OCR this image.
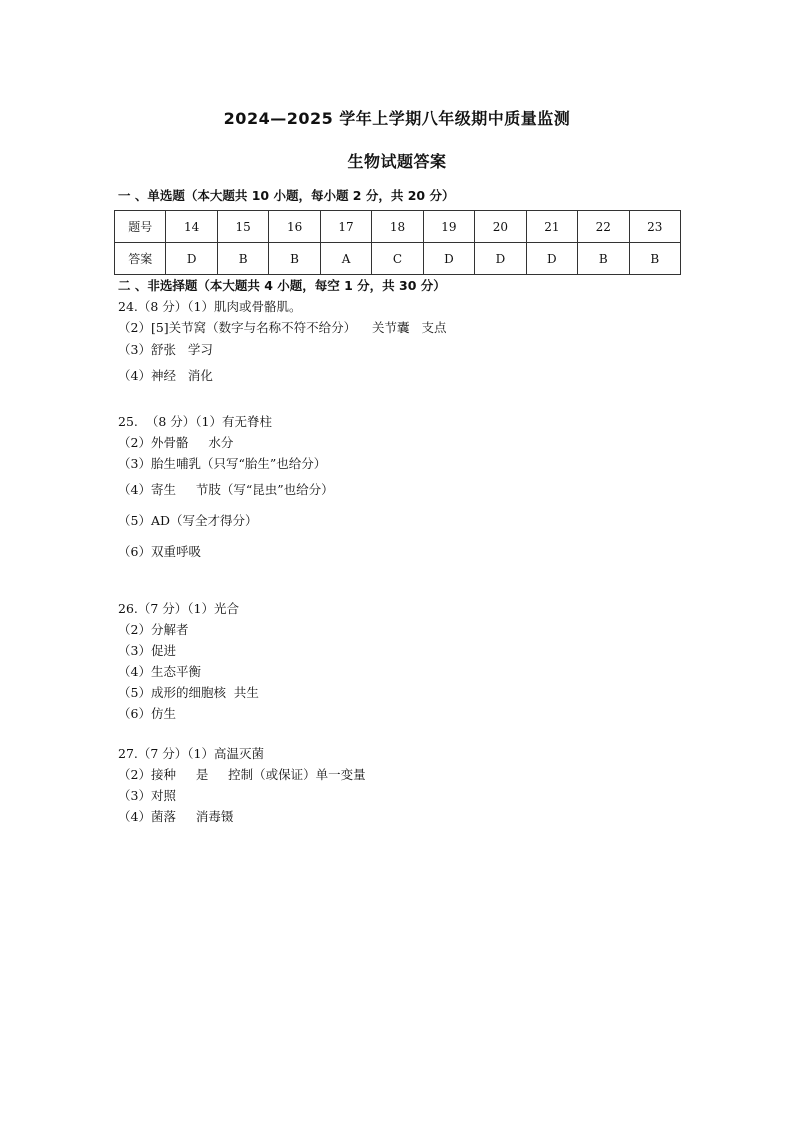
2024—2025 学年上学期八年级期中质量监测
生物试题答案
一 、单选题（本大题共 10 小题，每小题 2 分，共 20 分）
题号	14	15	16	17	18	19	20	21	22	23
答案	D	B	B	A	C	D	D	D	B	B
二 、非选择题（本大题共 4 小题，每空 1 分，共 30 分）
24.（8 分）（1）肌肉或骨骼肌。
（2）[5]关节窝（数字与名称不符不给分）    关节囊   支点
（3）舒张   学习
（4）神经   消化
25.  （8 分）（1）有无脊柱
（2）外骨骼     水分
（3）胎生哺乳（只写“胎生”也给分）
（4）寄生     节肢（写“昆虫”也给分）
（5）AD（写全才得分）
（6）双重呼吸
26.（7 分）（1）光合
（2）分解者
（3）促进
（4）生态平衡
（5）成形的细胞核  共生
（6）仿生
27.（7 分）（1）高温灭菌
（2）接种     是     控制（或保证）单一变量
（3）对照
（4）菌落     消毒镊
